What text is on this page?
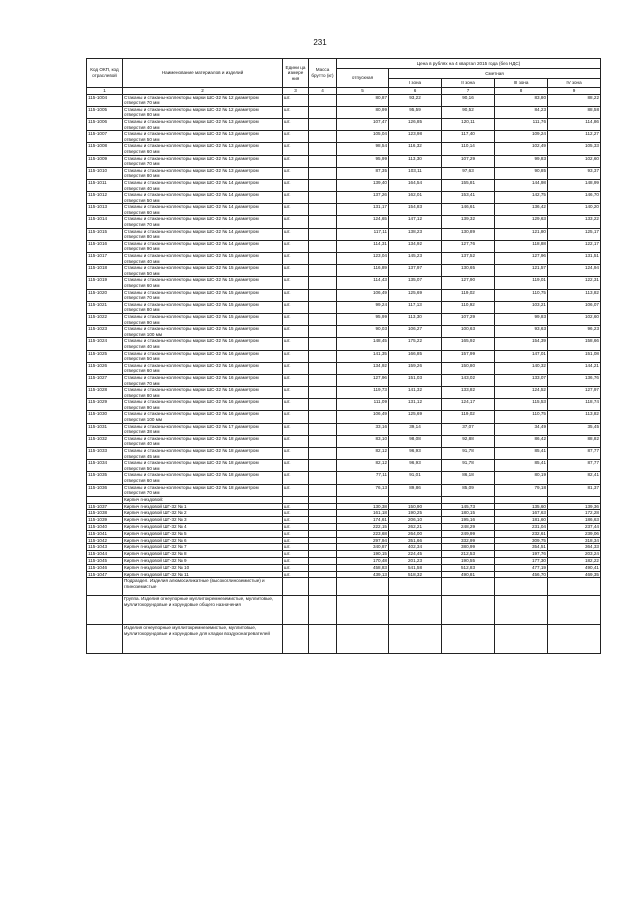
231
Код ОКП, код отраслевой	Наименование материалов и изделий	Едини ца измере ния	Масса брутто (кг)	Цена в рублях на 4 квартал 2015 года (без НДС)				
				отпускная	Сметная			
					I зона	II зона	III зона	IV зона
1	2	3	4	5	6	7	8	9
115-1004	Стаканы и стаканы-коллекторы марки ШС-32 № 12 диаметром отверстия 70 мм	шт.		80,87	93,22	90,16	83,80	88,22
115-1005	Стаканы и стаканы-коллекторы марки ШС-32 № 12 диаметром отверстия 80 мм	шт.		80,99	95,59	90,52	84,23	88,58
115-1006	Стаканы и стаканы-коллекторы марки ШС-32 № 13 диаметром отверстия 40 мм	шт.		107,47	126,85	120,11	111,76	114,86
115-1007	Стаканы и стаканы-коллекторы марки ШС-32 № 13 диаметром отверстия 50 мм	шт.		105,04	123,98	117,40	109,24	112,27
115-1008	Стаканы и стаканы-коллекторы марки ШС-32 № 13 диаметром отверстия 60 мм	шт.		98,54	116,32	110,14	102,49	105,33
115-1009	Стаканы и стаканы-коллекторы марки ШС-32 № 13 диаметром отверстия 70 мм	шт.		95,99	113,30	107,29	99,83	102,60
115-1010	Стаканы и стаканы-коллекторы марки ШС-32 № 13 диаметром отверстия 80 мм	шт.		87,35	103,11	97,63	90,85	93,37
115-1011	Стаканы и стаканы-коллекторы марки ШС-32 № 14 диаметром отверстия 40 мм	шт.		139,40	164,54	155,81	144,98	148,99
115-1012	Стаканы и стаканы-коллекторы марки ШС-32 № 14 диаметром отверстия 50 мм	шт.		137,26	162,01	153,41	142,75	146,70
115-1013	Стаканы и стаканы-коллекторы марки ШС-32 № 14 диаметром отверстия 60 мм	шт.		131,17	154,83	146,61	136,42	140,20
115-1014	Стаканы и стаканы-коллекторы марки ШС-32 № 14 диаметром отверстия 70 мм	шт.		124,65	147,12	139,32	129,63	133,22
115-1015	Стаканы и стаканы-коллекторы марки ШС-32 № 14 диаметром отверстия 80 мм	шт.		117,11	138,23	130,89	121,80	125,17
115-1016	Стаканы и стаканы-коллекторы марки ШС-32 № 14 диаметром отверстия 90 мм	шт.		114,31	134,92	127,76	118,88	122,17
115-1017	Стаканы и стаканы-коллекторы марки ШС-32 № 15 диаметром отверстия 40 мм	шт.		123,04	145,23	137,52	127,96	131,51
115-1018	Стаканы и стаканы-коллекторы марки ШС-32 № 15 диаметром отверстия 50 мм	шт.		116,89	137,97	130,65	121,57	124,94
115-1019	Стаканы и стаканы-коллекторы марки ШС-32 № 15 диаметром отверстия 60 мм	шт.		114,43	135,07	127,90	119,01	122,31
115-1020	Стаканы и стаканы-коллекторы марки ШС-32 № 15 диаметром отверстия 70 мм	шт.		106,49	125,69	119,02	110,75	113,82
115-1021	Стаканы и стаканы-коллекторы марки ШС-32 № 15 диаметром отверстия 80 мм	шт.		99,24	117,13	110,92	103,21	106,07
115-1022	Стаканы и стаканы-коллекторы марки ШС-32 № 15 диаметром отверстия 90 мм	шт.		95,99	113,30	107,29	99,83	102,60
115-1023	Стаканы и стаканы-коллекторы марки ШС-32 № 15 диаметром отверстия 100 мм	шт.		90,03	106,27	100,63	93,63	96,23
115-1024	Стаканы и стаканы-коллекторы марки ШС-32 № 16 диаметром отверстия 40 мм	шт.		148,45	175,22	165,92	154,39	158,66
115-1025	Стаканы и стаканы-коллекторы марки ШС-32 № 16 диаметром отверстия 50 мм	шт.		141,35	166,85	157,99	147,01	151,08
115-1026	Стаканы и стаканы-коллекторы марки ШС-32 № 16 диаметром отверстия 60 мм	шт.		134,92	159,26	150,80	140,32	144,21
115-1027	Стаканы и стаканы-коллекторы марки ШС-32 № 16 диаметром отверстия 70 мм	шт.		127,96	151,03	143,02	133,07	136,76
115-1028	Стаканы и стаканы-коллекторы марки ШС-32 № 16 диаметром отверстия 80 мм	шт.		119,73	141,32	133,82	124,52	127,97
115-1029	Стаканы и стаканы-коллекторы марки ШС-32 № 16 диаметром отверстия 90 мм	шт.		111,09	131,12	124,17	115,53	118,74
115-1030	Стаканы и стаканы-коллекторы марки ШС-32 № 16 диаметром отверстия 100 мм	шт.		106,49	125,69	119,02	110,75	113,82
115-1031	Стаканы и стаканы-коллекторы марки ШС-32 № 17 диаметром отверстия 38 мм	шт.		33,16	39,14	37,07	34,49	35,45
115-1032	Стаканы и стаканы-коллекторы марки ШС-32 № 18 диаметром отверстия 40 мм	шт.		83,10	98,08	92,88	86,42	88,82
115-1033	Стаканы и стаканы-коллекторы марки ШС-32 № 18 диаметром отверстия 45 мм	шт.		82,12	96,93	91,78	85,41	87,77
115-1034	Стаканы и стаканы-коллекторы марки ШС-32 № 18 диаметром отверстия 50 мм	шт.		82,12	96,93	91,78	85,41	87,77
115-1035	Стаканы и стаканы-коллекторы марки ШС-32 № 18 диаметром отверстия 60 мм	шт.		77,11	91,01	86,18	80,19	82,41
115-1036	Стаканы и стаканы-коллекторы марки ШС-32 № 18 диаметром отверстия 70 мм	шт.		76,13	89,86	85,09	79,18	81,37
	Кирпич гнездовой:							
115-1037	Кирпич гнездовой ШГ-32 № 1	шт.		130,38	150,90	145,73	135,60	139,36
115-1038	Кирпич гнездовой ШГ-32 № 2	шт.		161,18	190,25	180,15	167,63	172,28
115-1039	Кирпич гнездовой ШГ-32 № 3	шт.		174,61	206,10	195,16	181,60	186,63
115-1040	Кирпич гнездовой ШГ-32 № 4	шт.		222,15	262,21	248,29	231,04	237,44
115-1041	Кирпич гнездовой ШГ-32 № 5	шт.		223,68	264,00	249,99	232,61	239,06
115-1042	Кирпич гнездовой ШГ-32 № 6	шт.		297,94	351,66	332,99	309,75	318,34
115-1043	Кирпич гнездовой ШГ-32 № 7	шт.		340,87	402,34	380,99	354,51	364,33
115-1044	Кирпич гнездовой ШГ-32 № 8	шт.		190,15	224,45	212,53	197,76	203,24
115-1045	Кирпич гнездовой ШГ-32 № 9	шт.		170,48	201,23	190,55	177,30	182,22
115-1046	Кирпич гнездовой ШГ-32 № 10	шт.		458,83	541,58	512,83	477,19	490,41
115-1047	Кирпич гнездовой ШГ-32 № 11	шт.		439,13	518,32	490,81	456,70	469,35
	Подраздел. Изделия алюмосиликатные (высокоглиноземистые) и глиноземистые							
	Группа. Изделия огнеупорные муллитокремнеземистые, муллитовые, муллитокорундовые и корундовые общего назначения							
	Изделия огнеупорные муллитокремнеземистые, муллитовые, муллитокорундовые и корундовые для кладки воздухонагревателей							
